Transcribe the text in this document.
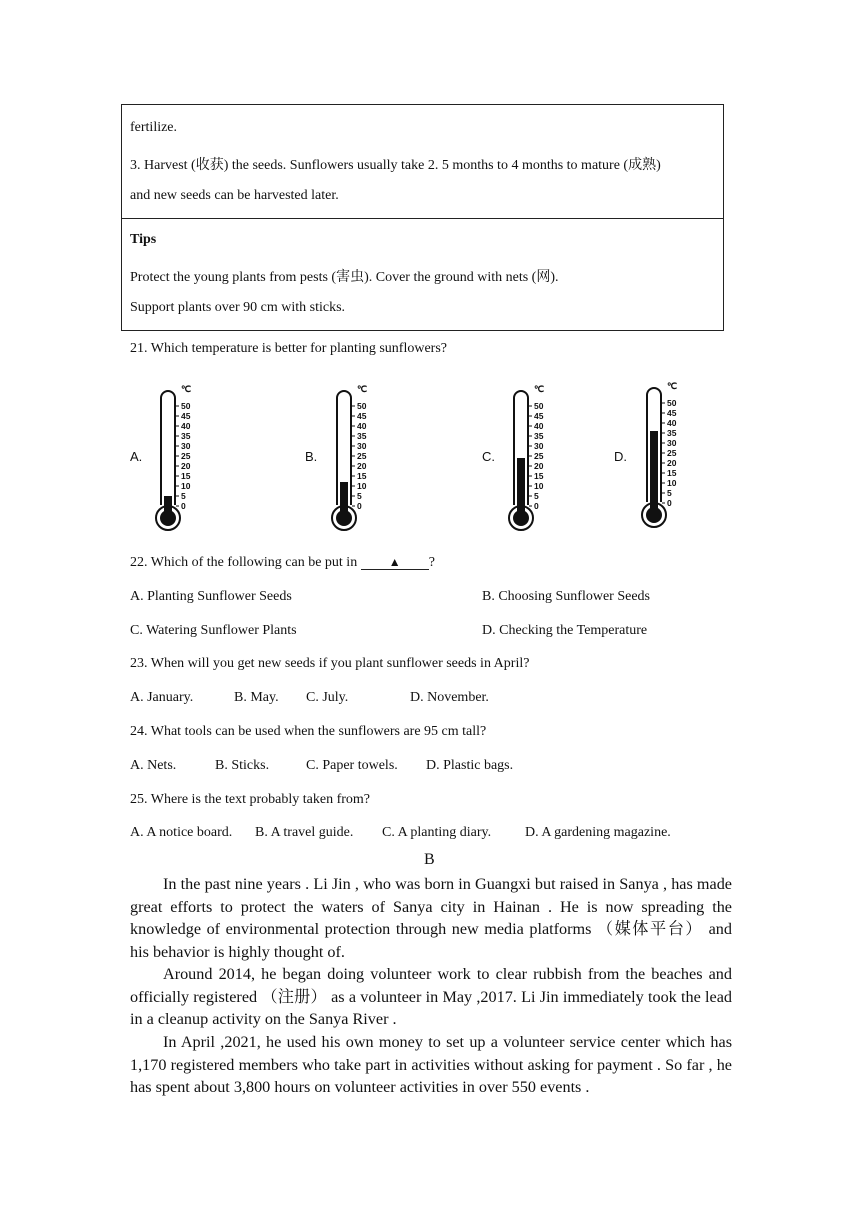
fertilize.
3. Harvest (收获) the seeds. Sunflowers usually take 2. 5 months to 4 months to mature (成熟)
and new seeds can be harvested later.
Tips
Protect the young plants from pests (害虫). Cover the ground with nets (网).
Support plants over 90 cm with sticks.
21. Which temperature is better for planting sunflowers?
A.	B.	C.	D.
℃
50
45
40
35
30
25
20
15
10
5
0
℃
50
45
40
35
30
25
20
15
10
5
0
℃
50
45
40
35
30
25
20
15
10
5
0
℃
50
45
40
35
30
25
20
15
10
5
0
22. Which of the following can be put in ▲ ?
A. Planting Sunflower Seeds	B. Choosing Sunflower Seeds
C. Watering Sunflower Plants	D. Checking the Temperature
23. When will you get new seeds if you plant sunflower seeds in April?
A. January.	B. May. C. July.	D. November.
24. What tools can be used when the sunflowers are 95 cm tall?
A. Nets.	B. Sticks.	C. Paper towels. D. Plastic bags.
25. Where is the text probably taken from?
A. A notice board. B. A travel guide. C. A planting diary. D. A gardening magazine.
B
In the past nine years . Li Jin , who was born in Guangxi but raised in Sanya , has made great efforts to protect the waters of Sanya city in Hainan . He is now spreading the knowledge of environmental protection through new media platforms （媒体平台） and his behavior is highly thought of.
Around 2014, he began doing volunteer work to clear rubbish from the beaches and officially registered （注册） as a volunteer in May ,2017. Li Jin immediately took the lead in a cleanup activity on the Sanya River .
In April ,2021, he used his own money to set up a volunteer service center which has 1,170 registered members who take part in activities without asking for payment . So far , he has spent about 3,800 hours on volunteer activities in over 550 events .
